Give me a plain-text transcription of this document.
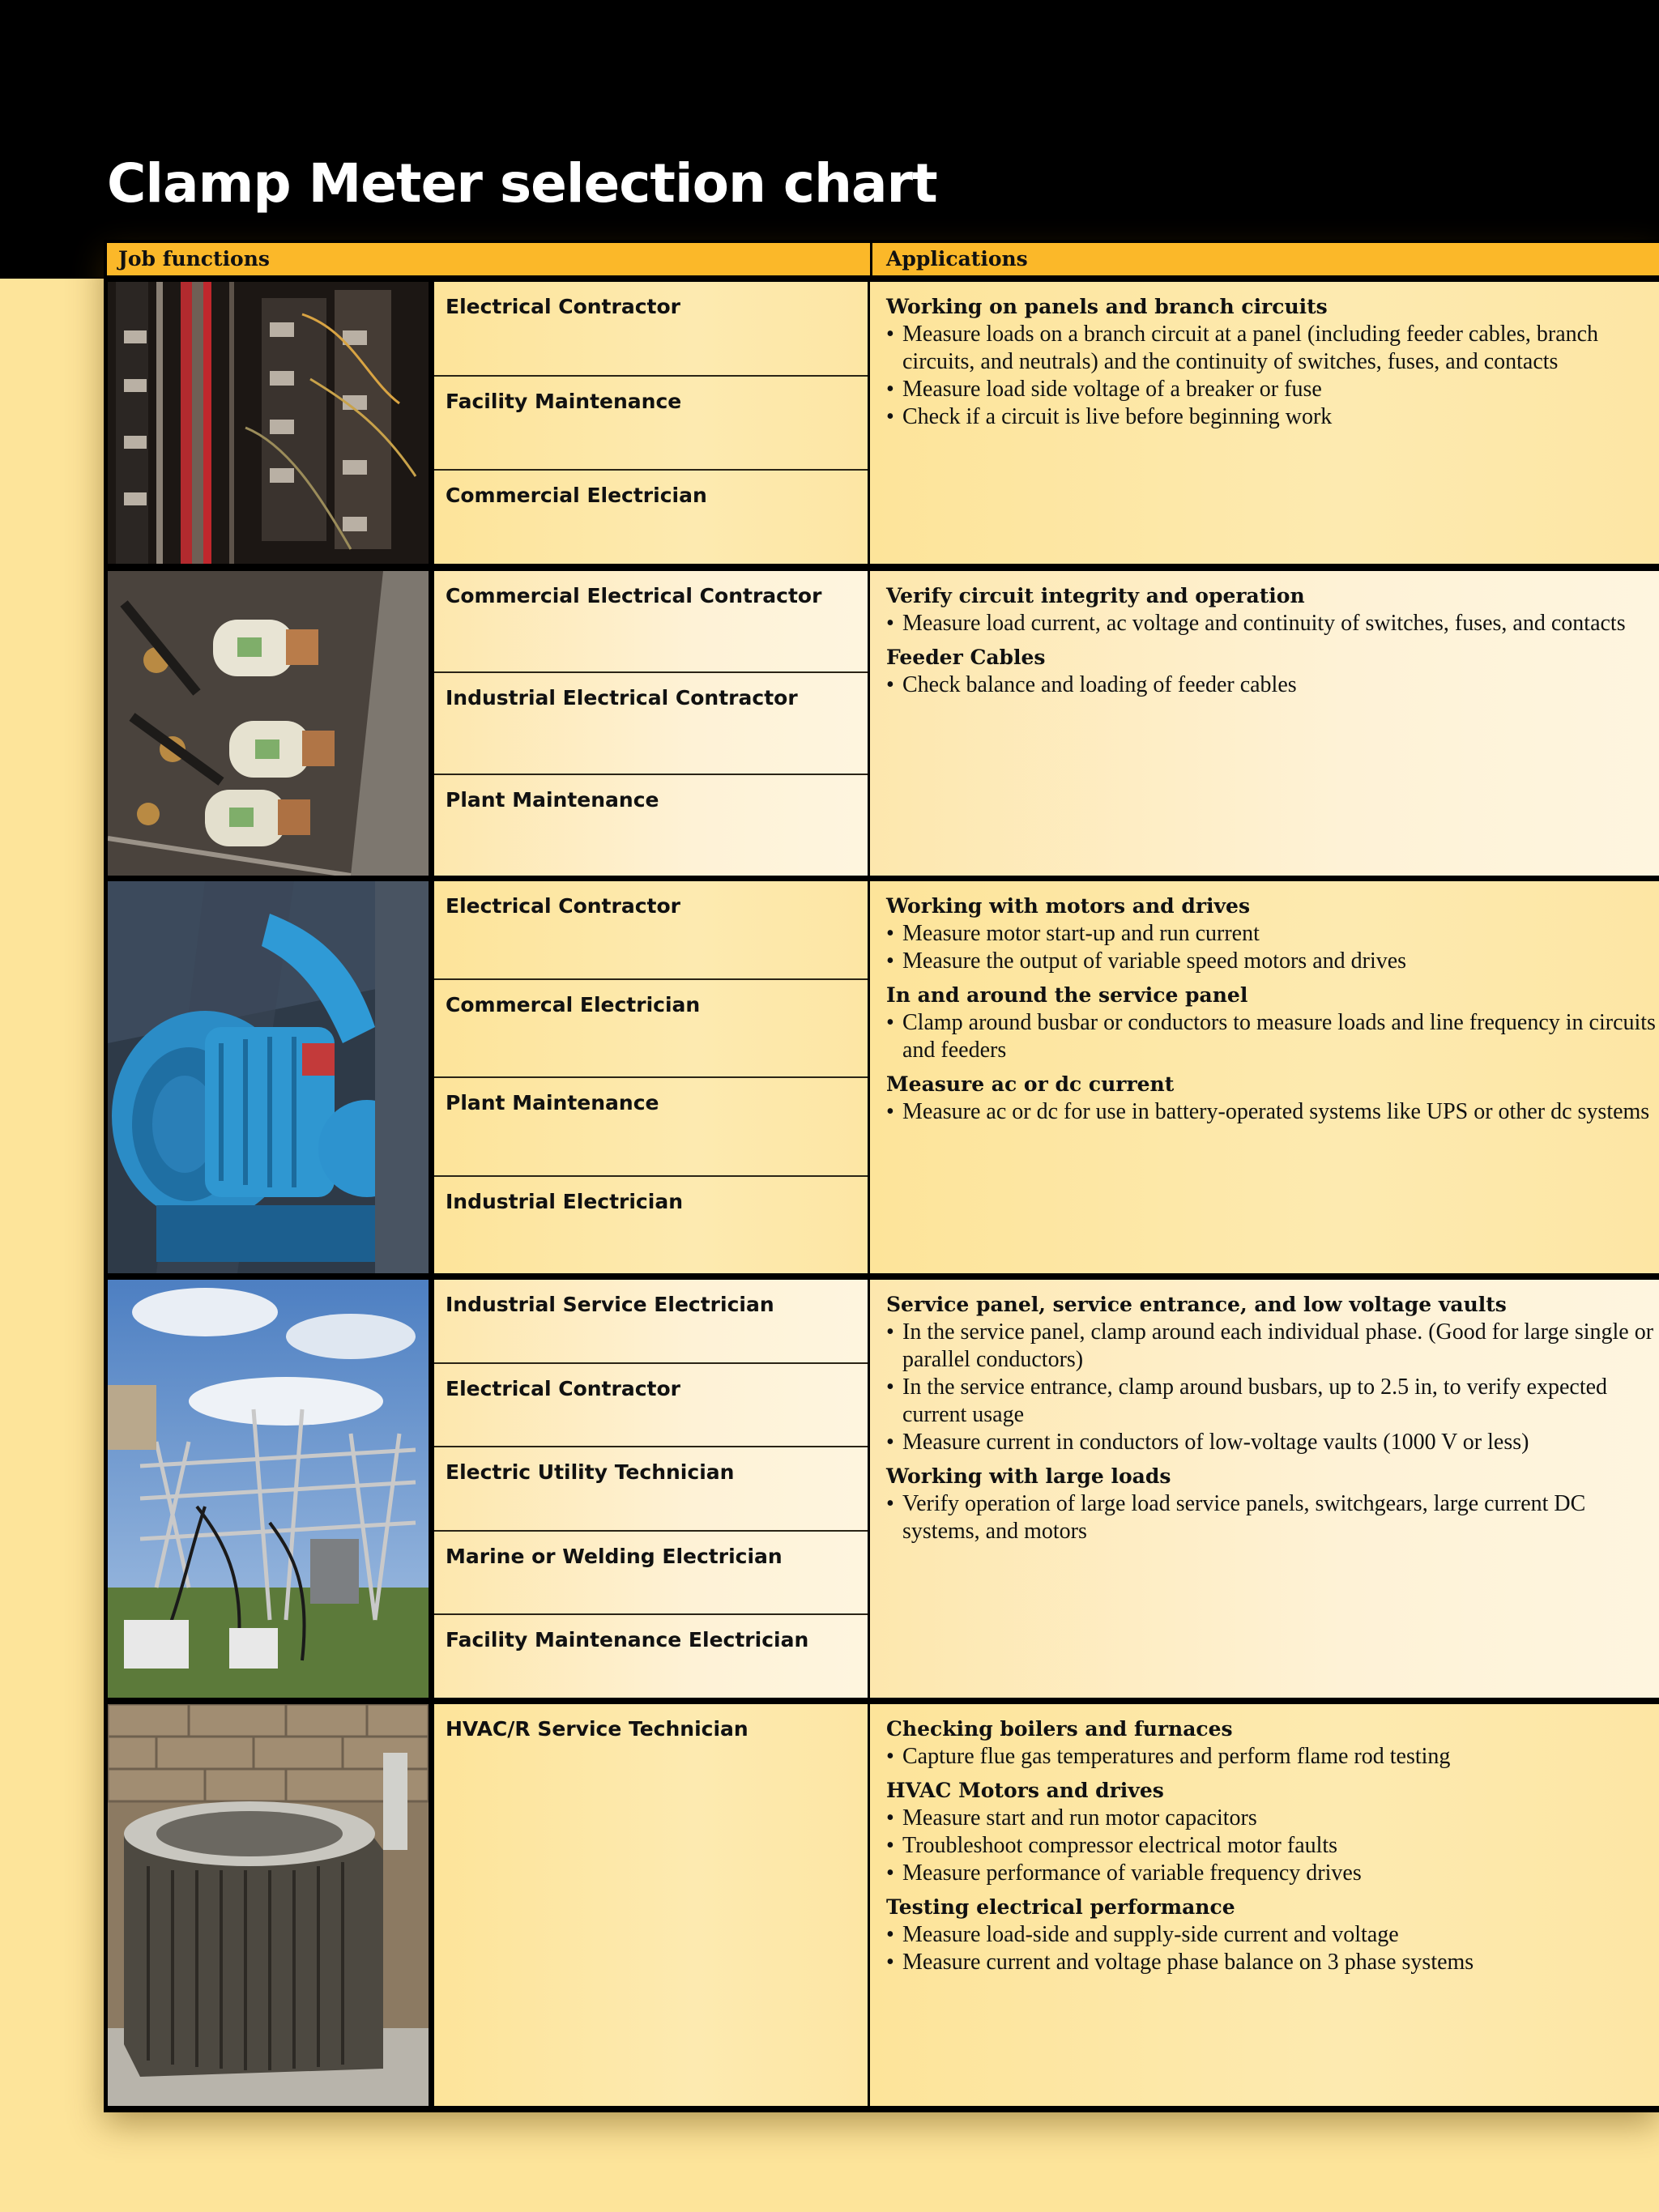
Clamp Meter selection chart
Job functions	Applications
Electrical Contractor
Facility Maintenance
Commercial Electrician
Working on panels and branch circuits
• Measure loads on a branch circuit at a panel (including feeder cables, branch circuits, and neutrals) and the continuity of switches, fuses, and contacts
• Measure load side voltage of a breaker or fuse
• Check if a circuit is live before beginning work
Commercial Electrical Contractor
Industrial Electrical Contractor
Plant Maintenance
Verify circuit integrity and operation
• Measure load current, ac voltage and continuity of switches, fuses, and contacts
Feeder Cables
• Check balance and loading of feeder cables
Electrical Contractor
Commercal Electrician
Plant Maintenance
Industrial Electrician
Working with motors and drives
• Measure motor start-up and run current
• Measure the output of variable speed motors and drives
In and around the service panel
• Clamp around busbar or conductors to measure loads and line frequency in circuits and feeders
Measure ac or dc current
• Measure ac or dc for use in battery-operated systems like UPS or other dc systems
Industrial Service Electrician
Electrical Contractor
Electric Utility Technician
Marine or Welding Electrician
Facility Maintenance Electrician
Service panel, service entrance, and low voltage vaults
• In the service panel, clamp around each individual phase. (Good for large single or parallel conductors)
• In the service entrance, clamp around busbars, up to 2.5 in, to verify expected current usage
• Measure current in conductors of low-voltage vaults (1000 V or less)
Working with large loads
• Verify operation of large load service panels, switchgears, large current DC systems, and motors
HVAC/R Service Technician	Checking boilers and furnaces
• Capture flue gas temperatures and perform flame rod testing
HVAC Motors and drives
• Measure start and run motor capacitors
• Troubleshoot compressor electrical motor faults
• Measure performance of variable frequency drives
Testing electrical performance
• Measure load-side and supply-side current and voltage
• Measure current and voltage phase balance on 3 phase systems
